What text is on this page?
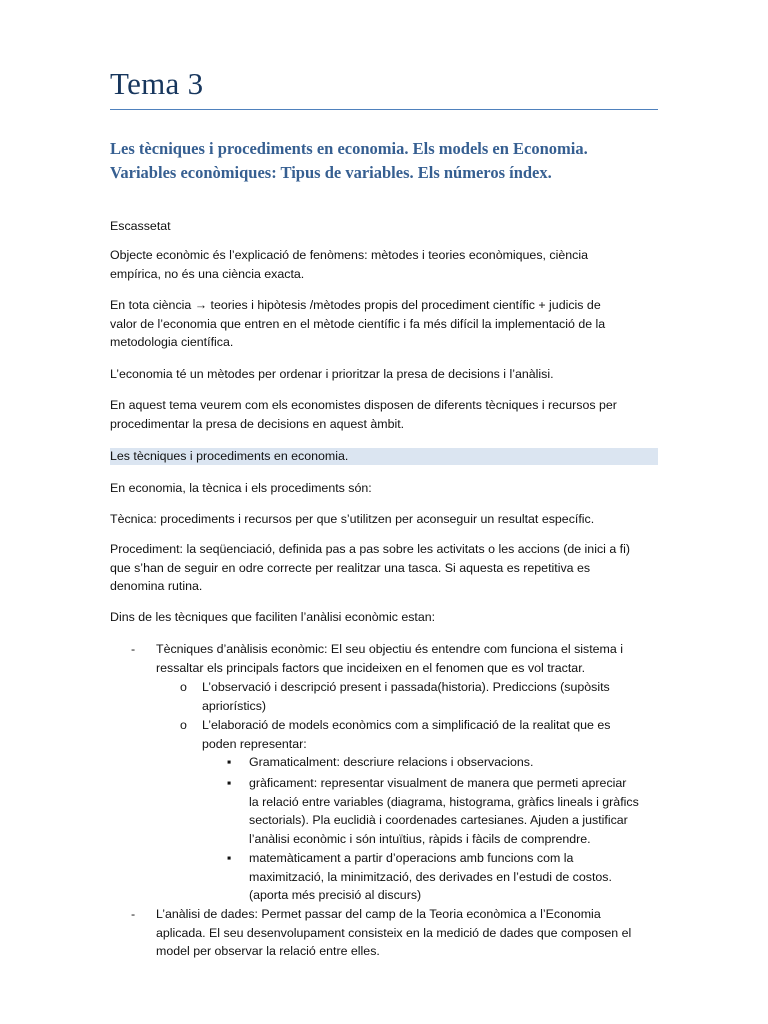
Tema 3
Les tècniques i procediments en economia. Els models en Economia.
Variables econòmiques: Tipus de variables. Els números índex.
Escassetat
Objecte econòmic és l’explicació de fenòmens: mètodes i teories econòmiques, ciència
empírica, no és una ciència exacta.
En tota ciència → teories i hipòtesis /mètodes propis del procediment científic + judicis de
valor de l’economia que entren en el mètode científic i fa més difícil la implementació de la
metodologia científica.
L’economia té un mètodes per ordenar i prioritzar la presa de decisions i l’anàlisi.
En aquest tema veurem com els economistes disposen de diferents tècniques i recursos per
procedimentar la presa de decisions en aquest àmbit.
Les tècniques i procediments en economia.
En economia, la tècnica i els procediments són:
Tècnica: procediments i recursos per que s’utilitzen per aconseguir un resultat específic.
Procediment: la seqüenciació, definida pas a pas sobre les activitats o les accions (de inici a fi)
que s’han de seguir en odre correcte per realitzar una tasca. Si aquesta es repetitiva es
denomina rutina.
Dins de les tècniques que faciliten l’anàlisi econòmic estan:
- Tècniques d’anàlisis econòmic: El seu objectiu és entendre com funciona el sistema i
ressaltar els principals factors que incideixen en el fenomen que es vol tractar.
o L’observació i descripció present i passada(historia). Prediccions (supòsits
apriorístics)
o L’elaboració de models econòmics com a simplificació de la realitat que es
poden representar:
▪ Gramaticalment: descriure relacions i observacions.
▪ gràficament: representar visualment de manera que permeti apreciar
la relació entre variables (diagrama, histograma, gràfics lineals i gràfics
sectorials). Pla euclidià i coordenades cartesianes. Ajuden a justificar
l’anàlisi econòmic i són intuïtius, ràpids i fàcils de comprendre.
▪ matemàticament a partir d’operacions amb funcions com la
maximització, la minimització, des derivades en l’estudi de costos.
(aporta més precisió al discurs)
- L’anàlisi de dades: Permet passar del camp de la Teoria econòmica a l’Economia
aplicada. El seu desenvolupament consisteix en la medició de dades que composen el
model per observar la relació entre elles.
